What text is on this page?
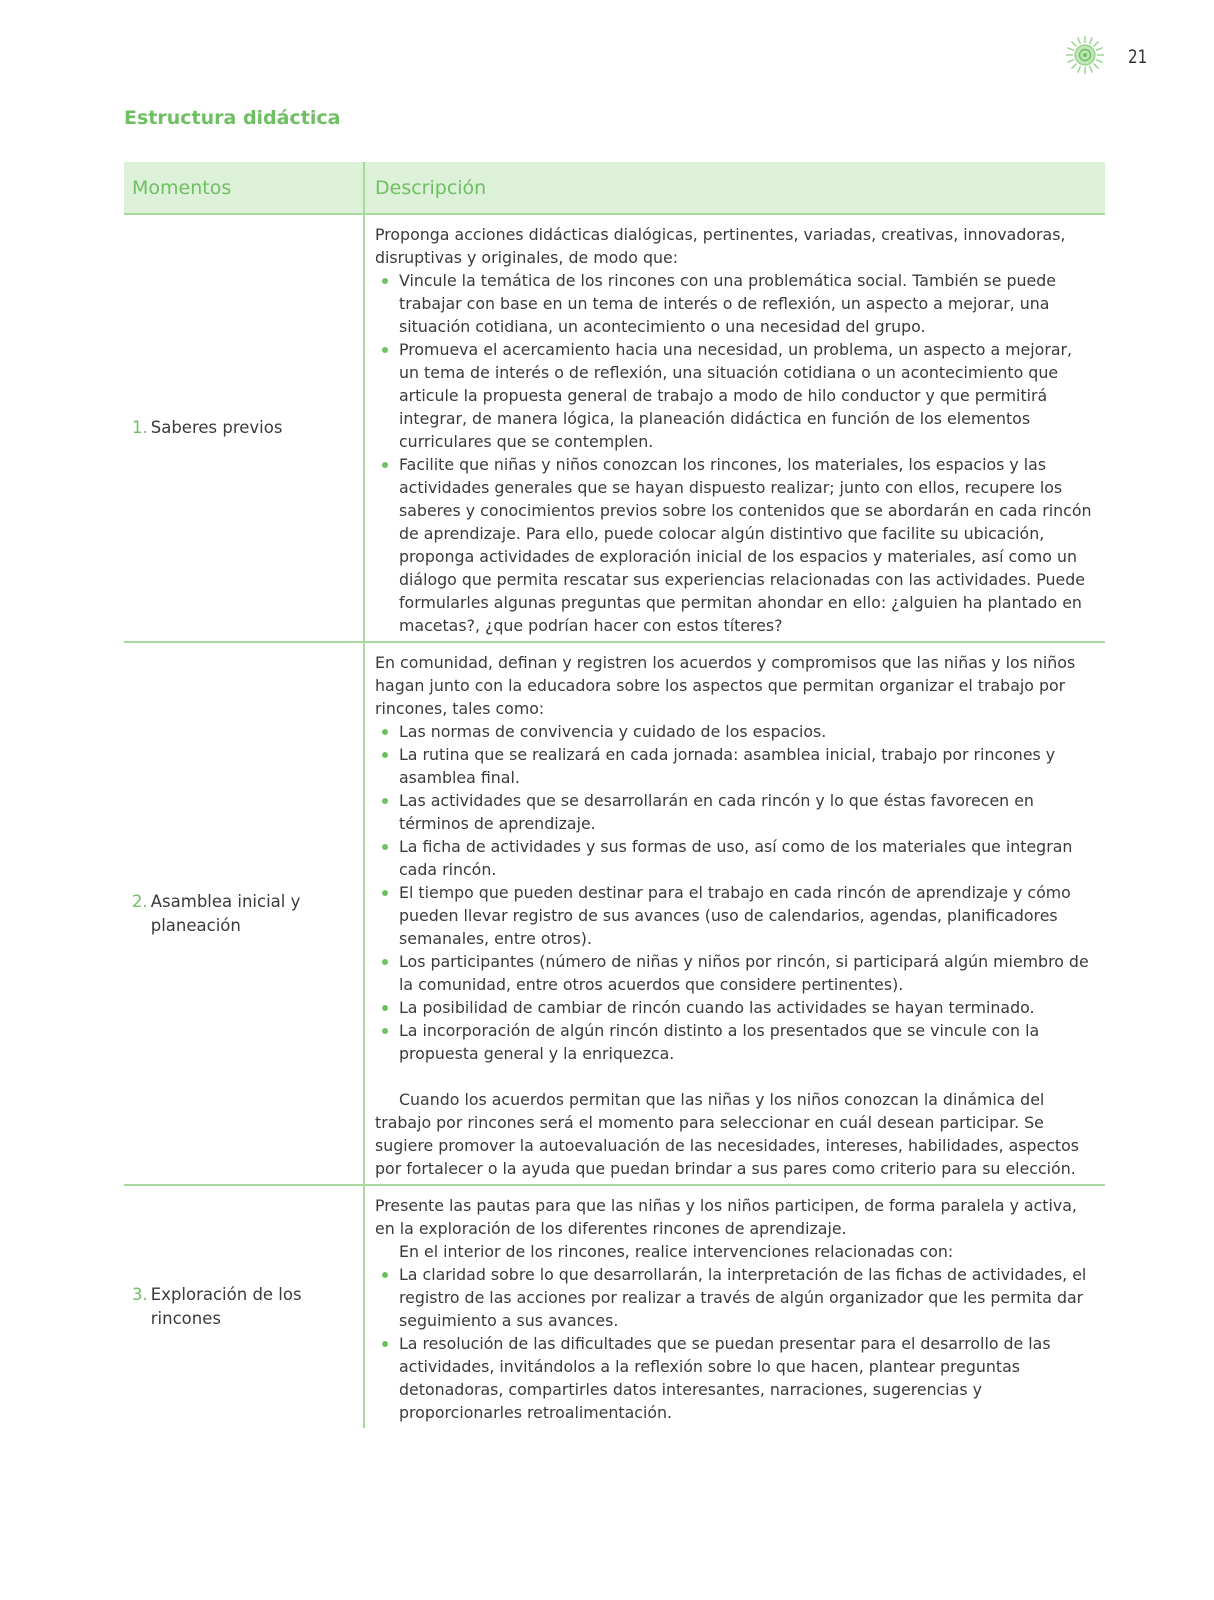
21
Estructura didáctica
Momentos	Descripción
1. Saberes previos

Proponga acciones didácticas dialógicas, pertinentes, variadas, creativas, innovadoras, disruptivas y originales, de modo que:

Vincule la temática de los rincones con una problemática social. También se puede trabajar con base en un tema de interés o de reflexión, un aspecto a mejorar, una situación cotidiana, un acontecimiento o una necesidad del grupo.
Promueva el acercamiento hacia una necesidad, un problema, un aspecto a mejorar, un tema de interés o de reflexión, una situación cotidiana o un acontecimiento que articule la propuesta general de trabajo a modo de hilo conductor y que permitirá integrar, de manera lógica, la planeación didáctica en función de los elementos curriculares que se contemplen.
Facilite que niñas y niños conozcan los rincones, los materiales, los espacios y las actividades generales que se hayan dispuesto realizar; junto con ellos, recupere los saberes y conocimientos previos sobre los contenidos que se abordarán en cada rincón de aprendizaje. Para ello, puede colocar algún distintivo que facilite su ubicación, proponga actividades de exploración inicial de los espacios y materiales, así como un diálogo que permita rescatar sus experiencias relacionadas con las actividades. Puede formularles algunas preguntas que permitan ahondar en ello: ¿alguien ha plantado en macetas?, ¿que podrían hacer con estos títeres?
2. Asamblea inicial y planeación

En comunidad, definan y registren los acuerdos y compromisos que las niñas y los niños hagan junto con la educadora sobre los aspectos que permitan organizar el trabajo por rincones, tales como:

Las normas de convivencia y cuidado de los espacios.
La rutina que se realizará en cada jornada: asamblea inicial, trabajo por rincones y asamblea final.
Las actividades que se desarrollarán en cada rincón y lo que éstas favorecen en términos de aprendizaje.
La ficha de actividades y sus formas de uso, así como de los materiales que integran cada rincón.
El tiempo que pueden destinar para el trabajo en cada rincón de aprendizaje y cómo pueden llevar registro de sus avances (uso de calendarios, agendas, planificadores semanales, entre otros).
Los participantes (número de niñas y niños por rincón, si participará algún miembro de la comunidad, entre otros acuerdos que considere pertinentes).
La posibilidad de cambiar de rincón cuando las actividades se hayan terminado.
La incorporación de algún rincón distinto a los presentados que se vincule con la propuesta general y la enriquezca.

Cuando los acuerdos permitan que las niñas y los niños conozcan la dinámica del trabajo por rincones será el momento para seleccionar en cuál desean participar. Se sugiere promover la autoevaluación de las necesidades, intereses, habilidades, aspectos por fortalecer o la ayuda que puedan brindar a sus pares como criterio para su elección.

3. Exploración de los rincones

Presente las pautas para que las niñas y los niños participen, de forma paralela y activa, en la exploración de los diferentes rincones de aprendizaje.

En el interior de los rincones, realice intervenciones relacionadas con:

La claridad sobre lo que desarrollarán, la interpretación de las fichas de actividades, el registro de las acciones por realizar a través de algún organizador que les permita dar seguimiento a sus avances.
La resolución de las dificultades que se puedan presentar para el desarrollo de las actividades, invitándolos a la reflexión sobre lo que hacen, plantear preguntas detonadoras, compartirles datos interesantes, narraciones, sugerencias y proporcionarles retroalimentación.
